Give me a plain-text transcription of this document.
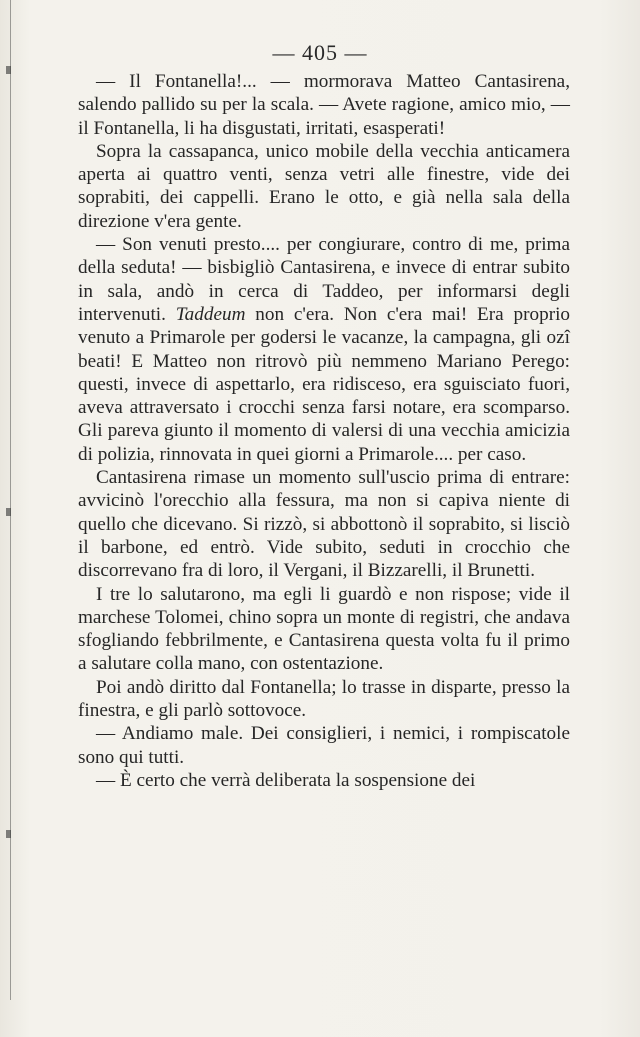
— 405 —

— Il Fontanella!... — mormorava Matteo Cantasirena, salendo pallido su per la scala. — Avete ragione, amico mio, — il Fontanella, li ha disgustati, irritati, esasperati!

Sopra la cassapanca, unico mobile della vecchia anticamera aperta ai quattro venti, senza vetri alle finestre, vide dei soprabiti, dei cappelli. Erano le otto, e già nella sala della direzione v'era gente.

— Son venuti presto.... per congiurare, contro di me, prima della seduta! — bisbigliò Cantasirena, e invece di entrar subito in sala, andò in cerca di Taddeo, per informarsi degli intervenuti. Taddeum non c'era. Non c'era mai! Era proprio venuto a Primarole per godersi le vacanze, la campagna, gli ozî beati! E Matteo non ritrovò più nemmeno Mariano Perego: questi, invece di aspettarlo, era ridisceso, era sguisciato fuori, aveva attraversato i crocchi senza farsi notare, era scomparso. Gli pareva giunto il momento di valersi di una vecchia amicizia di polizia, rinnovata in quei giorni a Primarole.... per caso.

Cantasirena rimase un momento sull'uscio prima di entrare: avvicinò l'orecchio alla fessura, ma non si capiva niente di quello che dicevano. Si rizzò, si abbottonò il soprabito, si lisciò il barbone, ed entrò. Vide subito, seduti in crocchio che discorrevano fra di loro, il Vergani, il Bizzarelli, il Brunetti.

I tre lo salutarono, ma egli li guardò e non rispose; vide il marchese Tolomei, chino sopra un monte di registri, che andava sfogliando febbrilmente, e Cantasirena questa volta fu il primo a salutare colla mano, con ostentazione.

Poi andò diritto dal Fontanella; lo trasse in disparte, presso la finestra, e gli parlò sottovoce.

— Andiamo male. Dei consiglieri, i nemici, i rompiscatole sono qui tutti.

— È certo che verrà deliberata la sospensione dei
